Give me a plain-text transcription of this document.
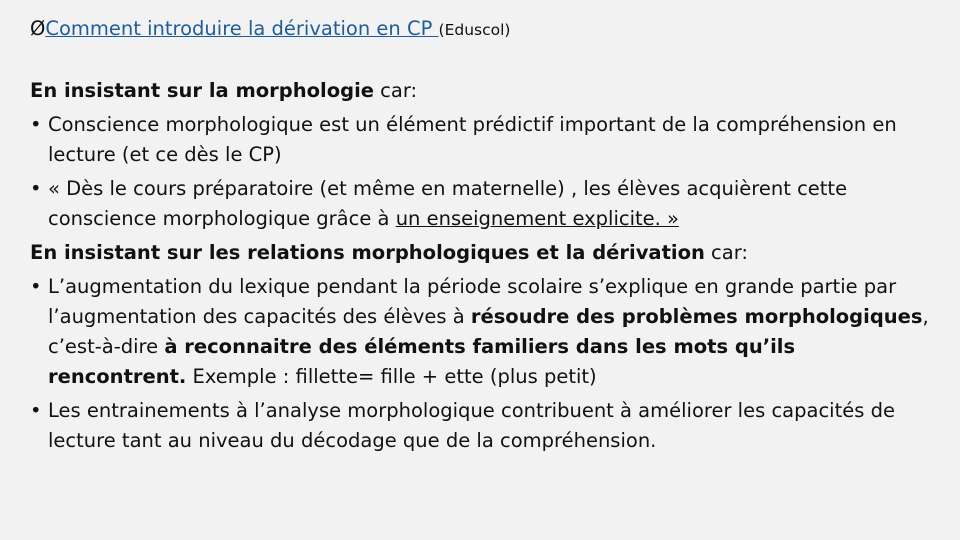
ØComment introduire la dérivation en CP (Eduscol)
En insistant sur la morphologie car:
• Conscience morphologique est un élément prédictif important de la compréhension en lecture (et ce dès le CP)
• « Dès le cours préparatoire (et même en maternelle) , les élèves acquièrent cette conscience morphologique grâce à un enseignement explicite. »
En insistant sur les relations morphologiques et la dérivation car:
• L’augmentation du lexique pendant la période scolaire s’explique en grande partie par l’augmentation des capacités des élèves à résoudre des problèmes morphologiques, c’est-à-dire à reconnaitre des éléments familiers dans les mots qu’ils rencontrent. Exemple : fillette= fille + ette (plus petit)
• Les entrainements à l’analyse morphologique contribuent à améliorer les capacités de lecture tant au niveau du décodage que de la compréhension.
